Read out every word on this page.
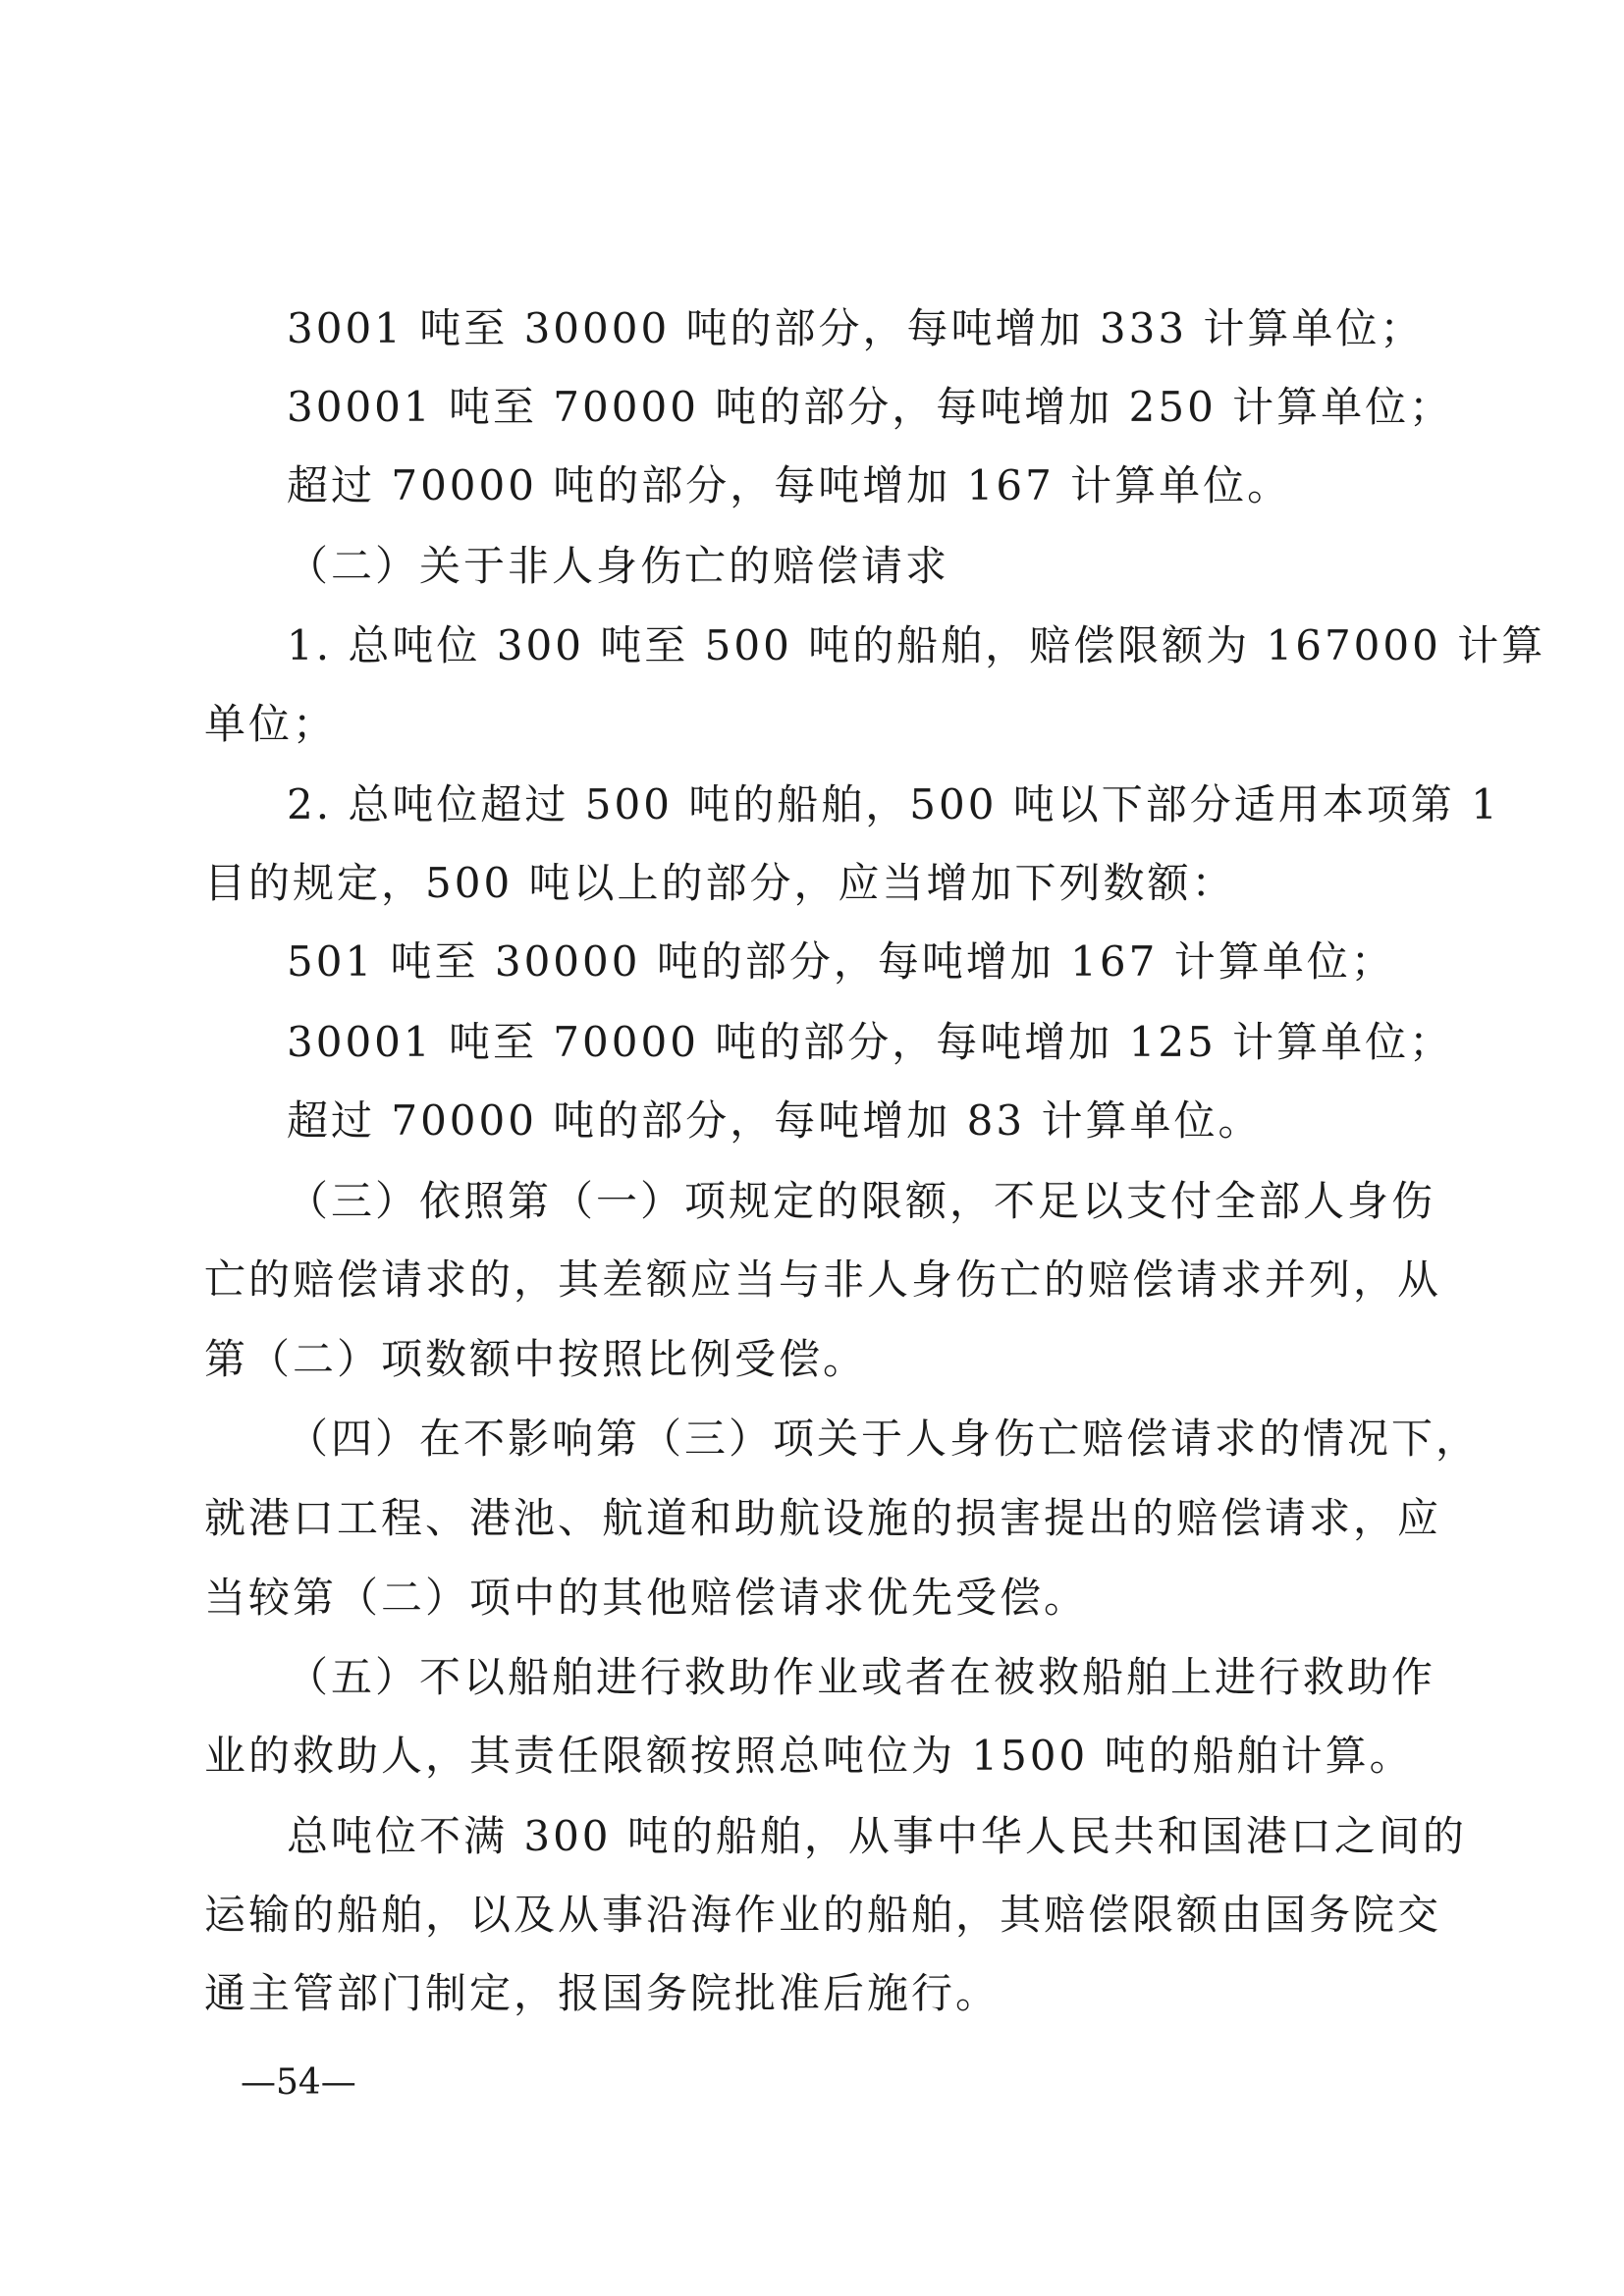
3001 吨至 30000 吨的部分，每吨增加 333 计算单位；
30001 吨至 70000 吨的部分，每吨增加 250 计算单位；
超过 70000 吨的部分，每吨增加 167 计算单位。
（二）关于非人身伤亡的赔偿请求
1. 总吨位 300 吨至 500 吨的船舶，赔偿限额为 167000 计算
单位；
2. 总吨位超过 500 吨的船舶，500 吨以下部分适用本项第 1
目的规定，500 吨以上的部分，应当增加下列数额：
501 吨至 30000 吨的部分，每吨增加 167 计算单位；
30001 吨至 70000 吨的部分，每吨增加 125 计算单位；
超过 70000 吨的部分，每吨增加 83 计算单位。
（三）依照第（一）项规定的限额，不足以支付全部人身伤
亡的赔偿请求的，其差额应当与非人身伤亡的赔偿请求并列，从
第（二）项数额中按照比例受偿。
（四）在不影响第（三）项关于人身伤亡赔偿请求的情况下，
就港口工程、港池、航道和助航设施的损害提出的赔偿请求，应
当较第（二）项中的其他赔偿请求优先受偿。
（五）不以船舶进行救助作业或者在被救船舶上进行救助作
业的救助人，其责任限额按照总吨位为 1500 吨的船舶计算。
总吨位不满 300 吨的船舶，从事中华人民共和国港口之间的
运输的船舶，以及从事沿海作业的船舶，其赔偿限额由国务院交
通主管部门制定，报国务院批准后施行。
—54—
